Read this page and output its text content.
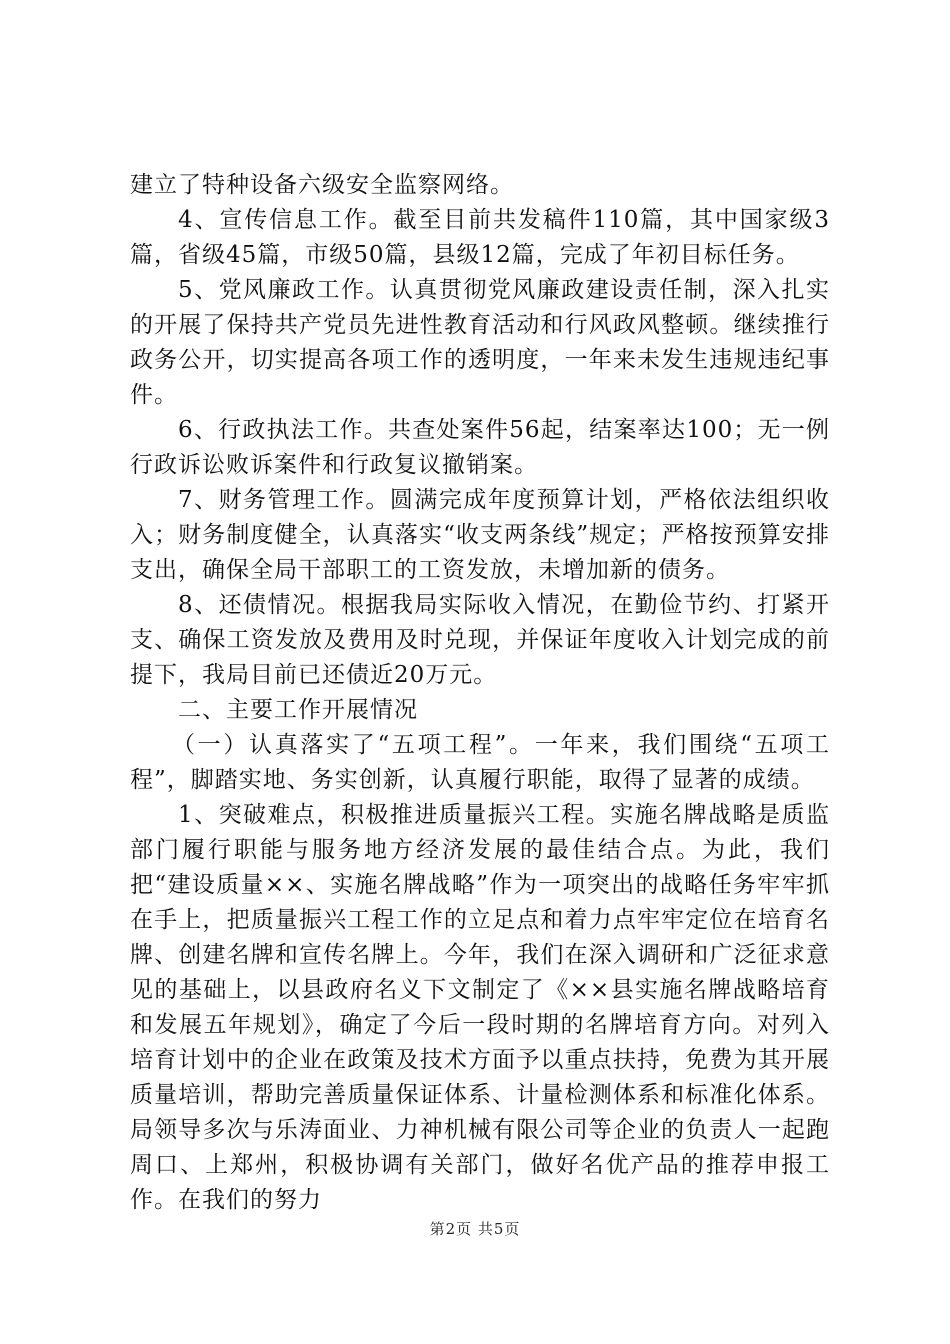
建立了特种设备六级安全监察网络。

4、宣传信息工作。截至目前共发稿件110篇，其中国家级3篇，省级45篇，市级50篇，县级12篇，完成了年初目标任务。

5、党风廉政工作。认真贯彻党风廉政建设责任制，深入扎实的开展了保持共产党员先进性教育活动和行风政风整顿。继续推行政务公开，切实提高各项工作的透明度，一年来未发生违规违纪事件。

6、行政执法工作。共查处案件56起，结案率达100；无一例行政诉讼败诉案件和行政复议撤销案。

7、财务管理工作。圆满完成年度预算计划，严格依法组织收入；财务制度健全，认真落实“收支两条线”规定；严格按预算安排支出，确保全局干部职工的工资发放，未增加新的债务。

8、还债情况。根据我局实际收入情况，在勤俭节约、打紧开支、确保工资发放及费用及时兑现，并保证年度收入计划完成的前提下，我局目前已还债近20万元。

二、主要工作开展情况

（一）认真落实了“五项工程”。一年来，我们围绕“五项工程”，脚踏实地、务实创新，认真履行职能，取得了显著的成绩。

1、突破难点，积极推进质量振兴工程。实施名牌战略是质监部门履行职能与服务地方经济发展的最佳结合点。为此，我们把“建设质量××、实施名牌战略”作为一项突出的战略任务牢牢抓在手上，把质量振兴工程工作的立足点和着力点牢牢定位在培育名牌、创建名牌和宣传名牌上。今年，我们在深入调研和广泛征求意见的基础上，以县政府名义下文制定了《××县实施名牌战略培育和发展五年规划》，确定了今后一段时期的名牌培育方向。对列入培育计划中的企业在政策及技术方面予以重点扶持，免费为其开展质量培训，帮助完善质量保证体系、计量检测体系和标准化体系。局领导多次与乐涛面业、力神机械有限公司等企业的负责人一起跑周口、上郑州，积极协调有关部门，做好名优产品的推荐申报工作。在我们的努力

第2页 共5页
